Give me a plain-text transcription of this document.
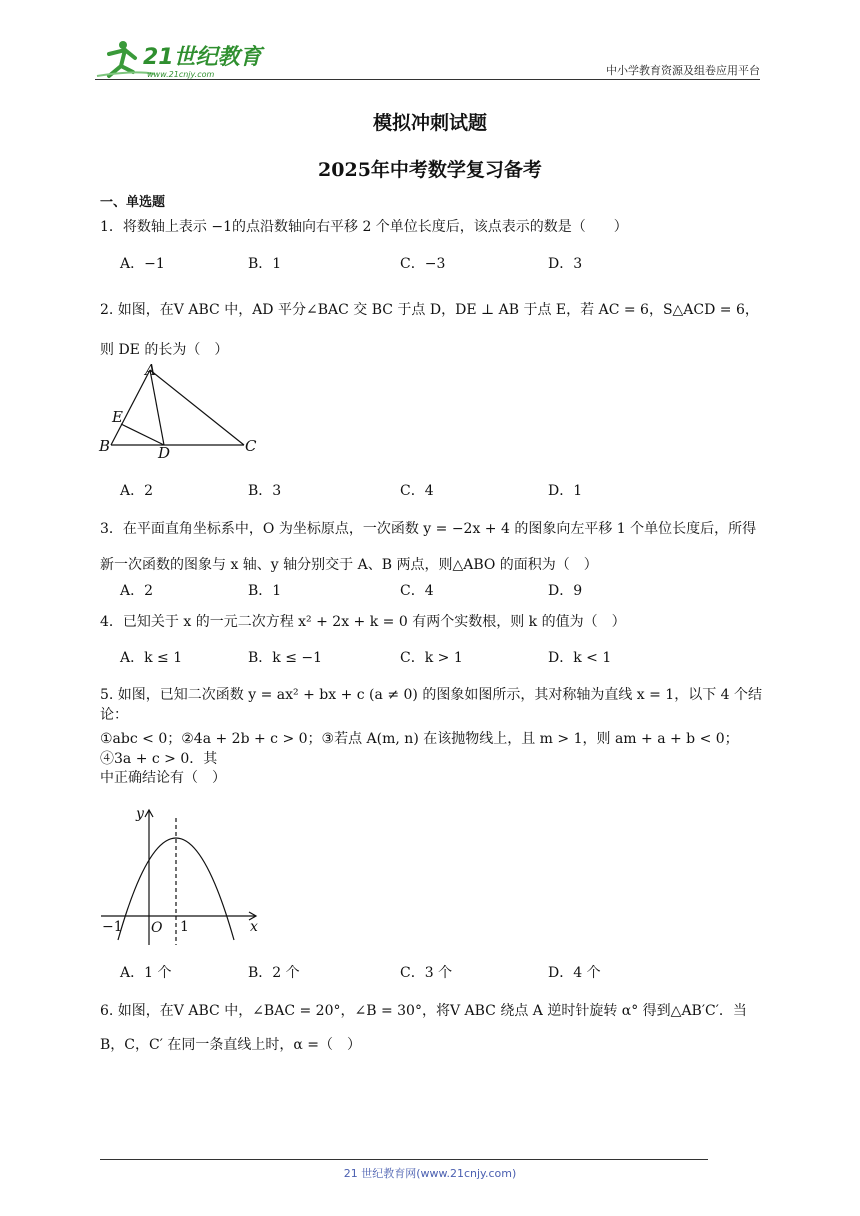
21世纪教育
www.21cnjy.com	中小学教育资源及组卷应用平台
模拟冲刺试题
2025年中考数学复习备考
一、单选题
1．将数轴上表示 −1的点沿数轴向右平移 2 个单位长度后，该点表示的数是（　　）
A．−1	B．1	C．−3	D．3
2. 如图，在V ABC 中，AD 平分∠BAC 交 BC 于点 D，DE ⊥ AB 于点 E，若 AC = 6，S△ACD = 6，则 DE 的长为（　）
A
E
B	D	C
A．2	B．3	C．4	D．1
3．在平面直角坐标系中，O 为坐标原点，一次函数 y = −2x + 4 的图象向左平移 1 个单位长度后，所得新一次函数的图象与 x 轴、y 轴分别交于 A、B 两点，则△ABO 的面积为（　）
A．2	B．1	C．4	D．9
4．已知关于 x 的一元二次方程 x² + 2x + k = 0 有两个实数根，则 k 的值为（　）
A．k ≤ 1	B．k ≤ −1	C．k > 1	D．k < 1
5. 如图，已知二次函数 y = ax² + bx + c (a ≠ 0) 的图象如图所示，其对称轴为直线 x = 1，以下 4 个结论：
①abc < 0；②4a + 2b + c > 0；③若点 A(m, n) 在该抛物线上，且 m > 1，则 am + a + b < 0；④3a + c > 0．其
中正确结论有（　）
y
−1 O 1	x
A．1 个	B．2 个	C．3 个	D．4 个
6. 如图，在V ABC 中，∠BAC = 20°，∠B = 30°，将V ABC 绕点 A 逆时针旋转 α° 得到△AB′C′．当 B，C，C′ 在同一条直线上时，α =（　）
21 世纪教育网(www.21cnjy.com)
